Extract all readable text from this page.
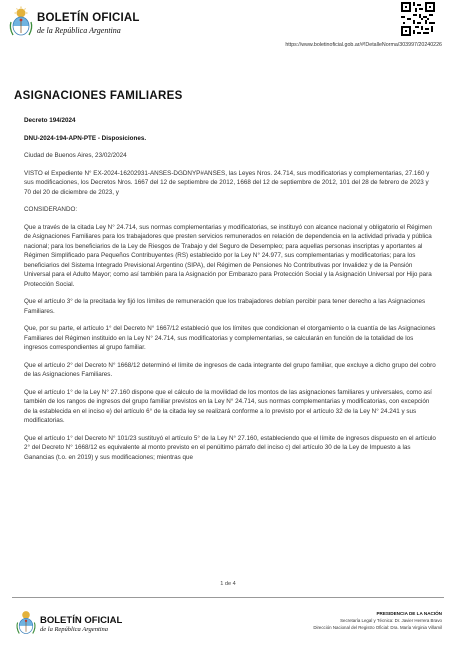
BOLETÍN OFICIAL
de la República Argentina
https://www.boletinoficial.gob.ar/#!DetalleNorma/303997/20240226
ASIGNACIONES FAMILIARES

Decreto 194/2024

DNU-2024-194-APN-PTE - Disposiciones.

Ciudad de Buenos Aires, 23/02/2024

VISTO el Expediente N° EX-2024-16202931-ANSES-DGDNYP#ANSES, las Leyes Nros. 24.714, sus modificatorias y complementarias, 27.160 y sus modificaciones, los Decretos Nros. 1667 del 12 de septiembre de 2012, 1668 del 12 de septiembre de 2012, 101 del 28 de febrero de 2023 y 70 del 20 de diciembre de 2023, y

CONSIDERANDO:

Que a través de la citada Ley N° 24.714, sus normas complementarias y modificatorias, se instituyó con alcance nacional y obligatorio el Régimen de Asignaciones Familiares para los trabajadores que presten servicios remunerados en relación de dependencia en la actividad privada y pública nacional; para los beneficiarios de la Ley de Riesgos de Trabajo y del Seguro de Desempleo; para aquellas personas inscriptas y aportantes al Régimen Simplificado para Pequeños Contribuyentes (RS) establecido por la Ley N° 24.977, sus complementarias y modificatorias; para los beneficiarios del Sistema Integrado Previsional Argentino (SIPA), del Régimen de Pensiones No Contributivas por Invalidez y de la Pensión Universal para el Adulto Mayor; como así también para la Asignación por Embarazo para Protección Social y la Asignación Universal por Hijo para Protección Social.

Que el artículo 3° de la precitada ley fijó los límites de remuneración que los trabajadores debían percibir para tener derecho a las Asignaciones Familiares.

Que, por su parte, el artículo 1° del Decreto N° 1667/12 estableció que los límites que condicionan el otorgamiento o la cuantía de las Asignaciones Familiares del Régimen instituido en la Ley N° 24.714, sus modificatorias y complementarias, se calcularán en función de la totalidad de los ingresos correspondientes al grupo familiar.

Que el artículo 2° del Decreto N° 1668/12 determinó el límite de ingresos de cada integrante del grupo familiar, que excluye a dicho grupo del cobro de las Asignaciones Familiares.

Que el artículo 1° de la Ley N° 27.160 dispone que el cálculo de la movilidad de los montos de las asignaciones familiares y universales, como así también de los rangos de ingresos del grupo familiar previstos en la Ley N° 24.714, sus normas complementarias y modificatorias, con excepción de la establecida en el inciso e) del artículo 6° de la citada ley se realizará conforme a lo previsto por el artículo 32 de la Ley N° 24.241 y sus modificatorias.

Que el artículo 1° del Decreto N° 101/23 sustituyó el artículo 5° de la Ley N° 27.160, estableciendo que el límite de ingresos dispuesto en el artículo 2° del Decreto N° 1668/12 es equivalente al monto previsto en el penúltimo párrafo del inciso c) del artículo 30 de la Ley de Impuesto a las Ganancias (t.o. en 2019) y sus modificaciones; mientras que

1 de 4
BOLETÍN OFICIAL
de la República Argentina
PRESIDENCIA DE LA NACIÓN
Secretaría Legal y Técnica: Dr. Javier Herrera Bravo
Dirección Nacional del Registro Oficial: Dra. María Virginia Villamil
